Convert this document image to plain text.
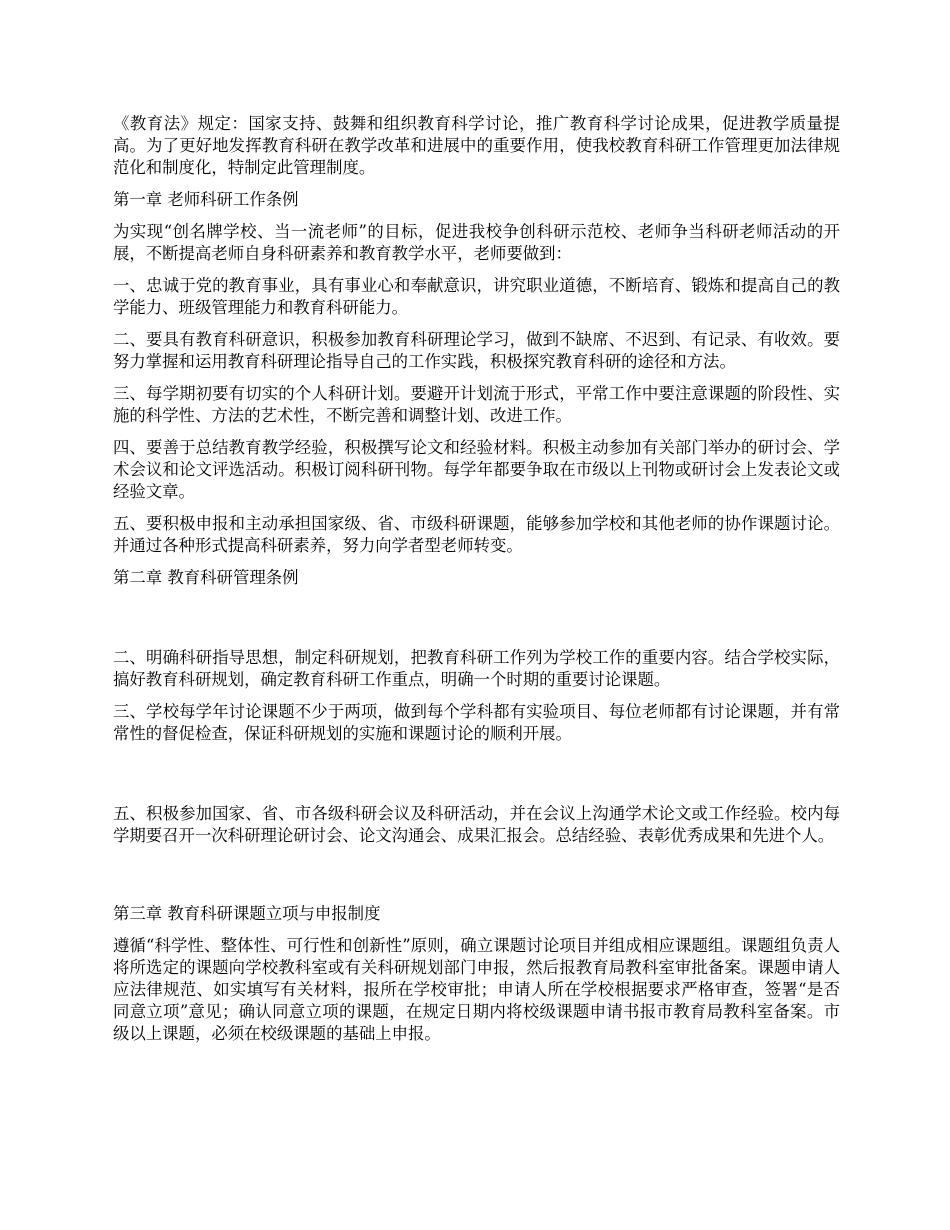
《教育法》规定：国家支持、鼓舞和组织教育科学讨论，推广教育科学讨论成果，促进教学质量提高。为了更好地发挥教育科研在教学改革和进展中的重要作用，使我校教育科研工作管理更加法律规范化和制度化，特制定此管理制度。

第一章 老师科研工作条例

为实现“创名牌学校、当一流老师”的目标，促进我校争创科研示范校、老师争当科研老师活动的开展，不断提高老师自身科研素养和教育教学水平，老师要做到：

一、忠诚于党的教育事业，具有事业心和奉献意识，讲究职业道德，不断培育、锻炼和提高自己的教学能力、班级管理能力和教育科研能力。

二、要具有教育科研意识，积极参加教育科研理论学习，做到不缺席、不迟到、有记录、有收效。要努力掌握和运用教育科研理论指导自己的工作实践，积极探究教育科研的途径和方法。

三、每学期初要有切实的个人科研计划。要避开计划流于形式，平常工作中要注意课题的阶段性、实施的科学性、方法的艺术性，不断完善和调整计划、改进工作。

四、要善于总结教育教学经验，积极撰写论文和经验材料。积极主动参加有关部门举办的研讨会、学术会议和论文评选活动。积极订阅科研刊物。每学年都要争取在市级以上刊物或研讨会上发表论文或经验文章。

五、要积极申报和主动承担国家级、省、市级科研课题，能够参加学校和其他老师的协作课题讨论。并通过各种形式提高科研素养，努力向学者型老师转变。

第二章 教育科研管理条例

二、明确科研指导思想，制定科研规划，把教育科研工作列为学校工作的重要内容。结合学校实际，搞好教育科研规划，确定教育科研工作重点，明确一个时期的重要讨论课题。

三、学校每学年讨论课题不少于两项，做到每个学科都有实验项目、每位老师都有讨论课题，并有常常性的督促检查，保证科研规划的实施和课题讨论的顺利开展。

五、积极参加国家、省、市各级科研会议及科研活动，并在会议上沟通学术论文或工作经验。校内每学期要召开一次科研理论研讨会、论文沟通会、成果汇报会。总结经验、表彰优秀成果和先进个人。

第三章 教育科研课题立项与申报制度

遵循“科学性、整体性、可行性和创新性”原则，确立课题讨论项目并组成相应课题组。课题组负责人将所选定的课题向学校教科室或有关科研规划部门申报，然后报教育局教科室审批备案。课题申请人应法律规范、如实填写有关材料，报所在学校审批；申请人所在学校根据要求严格审查，签署“是否同意立项”意见；确认同意立项的课题，在规定日期内将校级课题申请书报市教育局教科室备案。市级以上课题，必须在校级课题的基础上申报。
